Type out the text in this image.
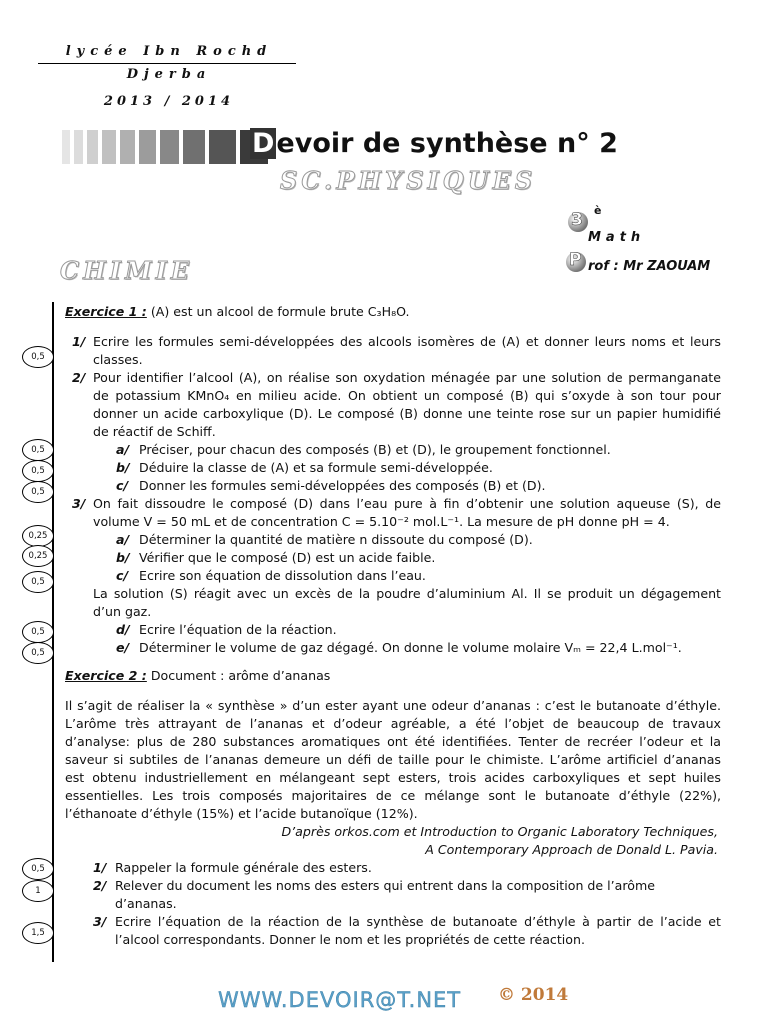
lycée Ibn Rochd
Djerba
2013 / 2014
Devoir de synthèse n° 2
SC.PHYSIQUES
3 è
Math
P rof : Mr ZAOUAM
CHIMIE
0,5
0,5
0,5
0,5
0,25
0,25
0,5
0,5
0,5
0,5
1
1,5
Exercice 1 : (A) est un alcool de formule brute C₃H₈O.
1/ Ecrire les formules semi-développées des alcools isomères de (A) et donner leurs noms et leurs
classes.
2/ Pour identifier l’alcool (A), on réalise son oxydation ménagée par une solution de permanganate
de potassium KMnO₄ en milieu acide. On obtient un composé (B) qui s’oxyde à son tour pour
donner un acide carboxylique (D). Le composé (B) donne une teinte rose sur un papier humidifié
de réactif de Schiff.
a/ Préciser, pour chacun des composés (B) et (D), le groupement fonctionnel.
b/ Déduire la classe de (A) et sa formule semi-développée.
c/ Donner les formules semi-développées des composés (B) et (D).
3/ On fait dissoudre le composé (D) dans l’eau pure à fin d’obtenir une solution aqueuse (S), de
volume V = 50 mL et de concentration C = 5.10⁻² mol.L⁻¹. La mesure de pH donne pH = 4.
a/ Déterminer la quantité de matière n dissoute du composé (D).
b/ Vérifier que le composé (D) est un acide faible.
c/ Ecrire son équation de dissolution dans l’eau.
La solution (S) réagit avec un excès de la poudre d’aluminium Al. Il se produit un dégagement
d’un gaz.
d/ Ecrire l’équation de la réaction.
e/ Déterminer le volume de gaz dégagé. On donne le volume molaire Vₘ = 22,4 L.mol⁻¹.
Exercice 2 : Document : arôme d’ananas
Il s’agit de réaliser la « synthèse » d’un ester ayant une odeur d’ananas : c’est le butanoate d’éthyle.
L’arôme très attrayant de l’ananas et d’odeur agréable, a été l’objet de beaucoup de travaux
d’analyse: plus de 280 substances aromatiques ont été identifiées. Tenter de recréer l’odeur et la
saveur si subtiles de l’ananas demeure un défi de taille pour le chimiste. L’arôme artificiel d’ananas
est obtenu industriellement en mélangeant sept esters, trois acides carboxyliques et sept huiles
essentielles. Les trois composés majoritaires de ce mélange sont le butanoate d’éthyle (22%),
l’éthanoate d’éthyle (15%) et l’acide butanoïque (12%).
D’après orkos.com et Introduction to Organic Laboratory Techniques,
A Contemporary Approach de Donald L. Pavia.
1/ Rappeler la formule générale des esters.
2/ Relever du document les noms des esters qui entrent dans la composition de l’arôme
d’ananas.
3/ Ecrire l’équation de la réaction de la synthèse de butanoate d’éthyle à partir de l’acide et
l’alcool correspondants. Donner le nom et les propriétés de cette réaction.
WWW.DEVOIR@T.NET © 2014
